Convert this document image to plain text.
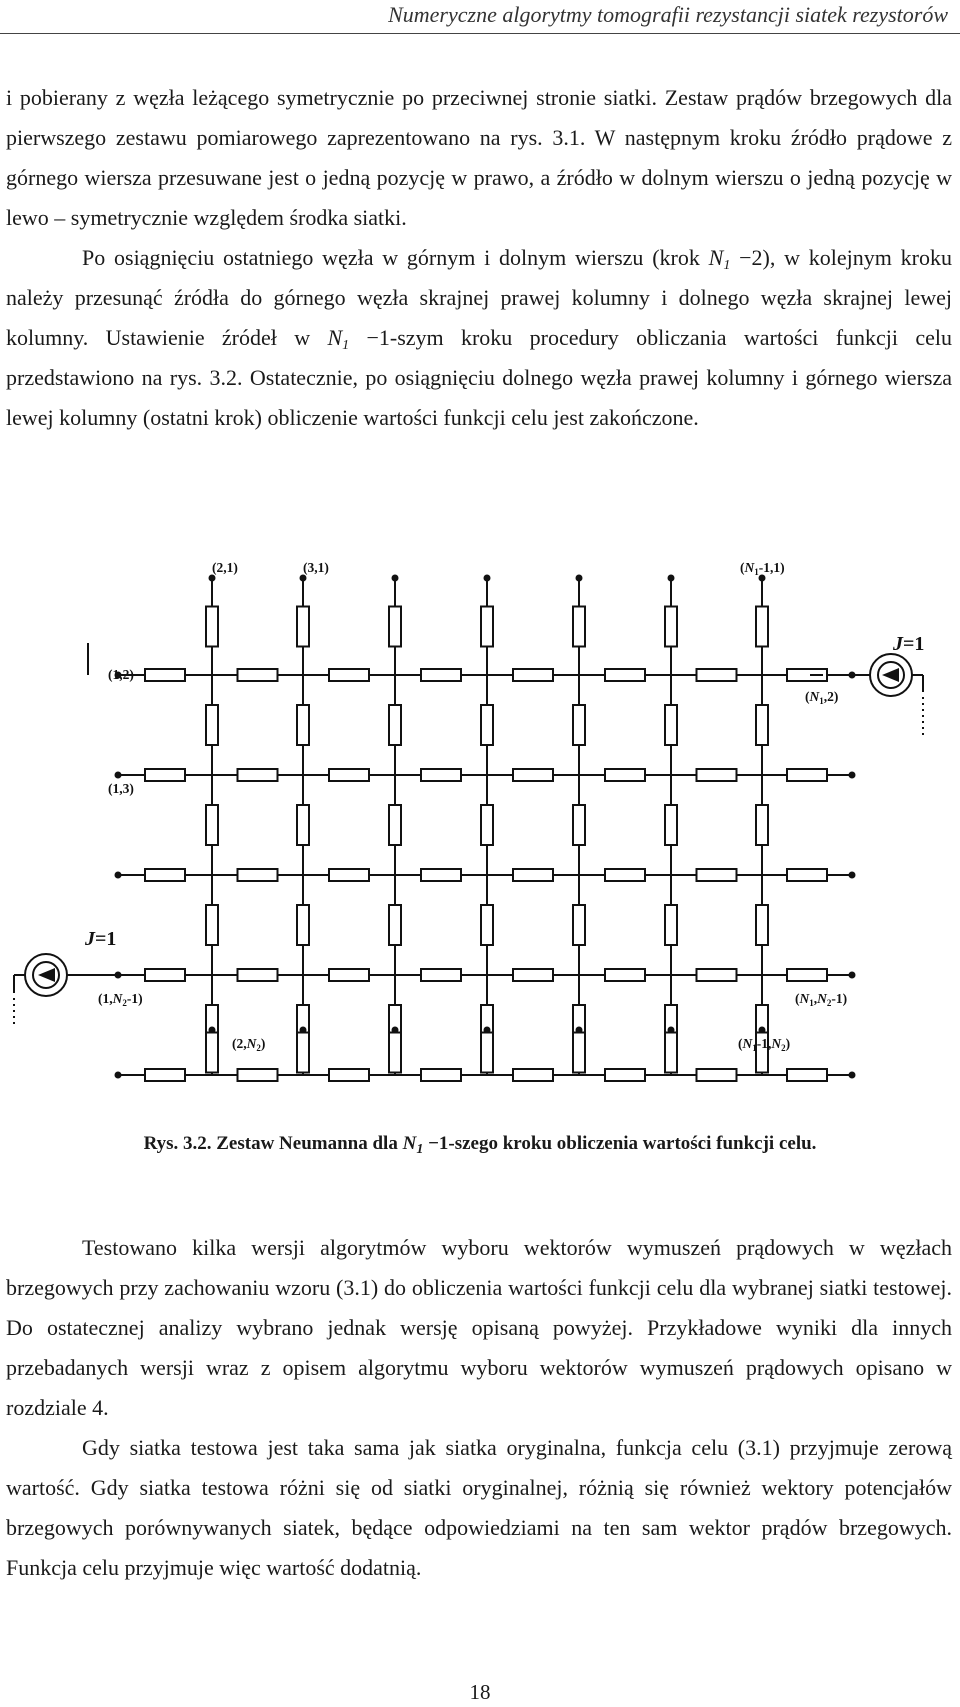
Numeryczne algorytmy tomografii rezystancji siatek rezystorów

i pobierany z węzła leżącego symetrycznie po przeciwnej stronie siatki. Zestaw prądów brzegowych dla pierwszego zestawu pomiarowego zaprezentowano na rys. 3.1. W następnym kroku źródło prądowe z górnego wiersza przesuwane jest o jedną pozycję w prawo, a źródło w dolnym wierszu o jedną pozycję w lewo – symetrycznie względem środka siatki.

Po osiągnięciu ostatniego węzła w górnym i dolnym wierszu (krok $N_1 -2$), w kolejnym kroku należy przesunąć źródła do górnego węzła skrajnej prawej kolumny i dolnego węzła skrajnej lewej kolumny. Ustawienie źródeł w $N_1$ −1-szym kroku procedury obliczania wartości funkcji celu przedstawiono na rys. 3.2. Ostatecznie, po osiągnięciu dolnego węzła prawej kolumny i górnego wiersza lewej kolumny (ostatni krok) obliczenie wartości funkcji celu jest zakończone.

(2,1)	(3,1)	$(N_1-1,1)$
(1,2)
(1,3)
$(1,N_2-1)$
$(N_1,2)$
$(N_1,N_2-1)$
$(2,N_2)$	$(N_1-1,N_2)$
J=1
J=1
Rys. 3.2. Zestaw Neumanna dla $N_1$ −1-szego kroku obliczenia wartości funkcji celu.

Testowano kilka wersji algorytmów wyboru wektorów wymuszeń prądowych w węzłach brzegowych przy zachowaniu wzoru (3.1) do obliczenia wartości funkcji celu dla wybranej siatki testowej. Do ostatecznej analizy wybrano jednak wersję opisaną powyżej. Przykładowe wyniki dla innych przebadanych wersji wraz z opisem algorytmu wyboru wektorów wymuszeń prądowych opisano w rozdziale 4.

Gdy siatka testowa jest taka sama jak siatka oryginalna, funkcja celu (3.1) przyjmuje zerową wartość. Gdy siatka testowa różni się od siatki oryginalnej, różnią się również wektory potencjałów brzegowych porównywanych siatek, będące odpowiedziami na ten sam wektor prądów brzegowych. Funkcja celu przyjmuje więc wartość dodatnią.

18
